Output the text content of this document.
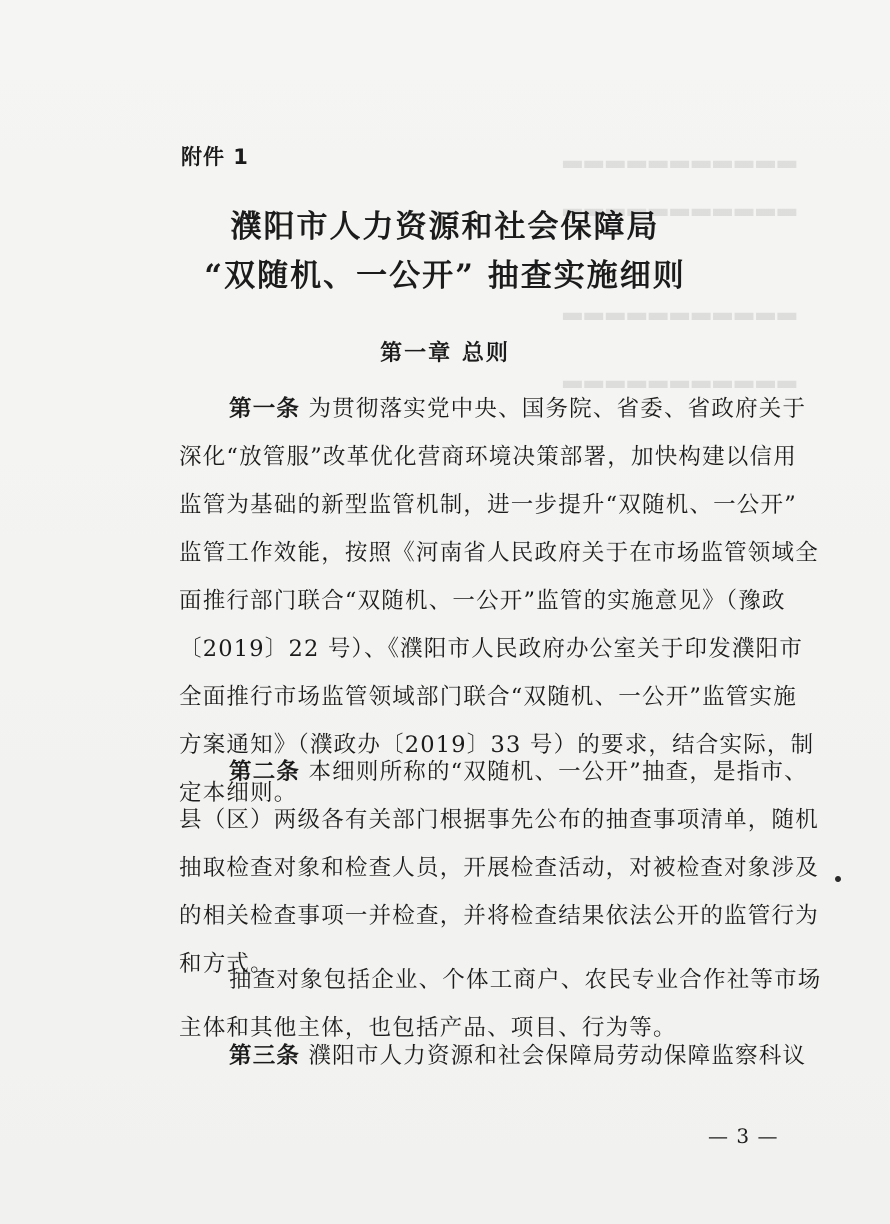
▂▂▂▂▂▂▂▂▂▂▂
▂▂▂▂▂▂▂▂▂▂▂
▂▂▂▂▂▂▂▂▂▂▂
▂▂▂▂▂▂▂▂▂▂▂
附件 1
濮阳市人力资源和社会保障局
“双随机、一公开” 抽查实施细则
第一章 总则
第一条 为贯彻落实党中央、国务院、省委、省政府关于
深化“放管服”改革优化营商环境决策部署，加快构建以信用
监管为基础的新型监管机制，进一步提升“双随机、一公开”
监管工作效能，按照《河南省人民政府关于在市场监管领域全
面推行部门联合“双随机、一公开”监管的实施意见》（豫政
〔2019〕22 号）、《濮阳市人民政府办公室关于印发濮阳市
全面推行市场监管领域部门联合“双随机、一公开”监管实施
方案通知》（濮政办〔2019〕33 号）的要求，结合实际，制
定本细则。
第二条 本细则所称的“双随机、一公开”抽查，是指市、
县（区）两级各有关部门根据事先公布的抽查事项清单，随机
抽取检查对象和检查人员，开展检查活动，对被检查对象涉及
的相关检查事项一并检查，并将检查结果依法公开的监管行为
和方式。
抽查对象包括企业、个体工商户、农民专业合作社等市场
主体和其他主体，也包括产品、项目、行为等。
第三条 濮阳市人力资源和社会保障局劳动保障监察科议
— 3 —
